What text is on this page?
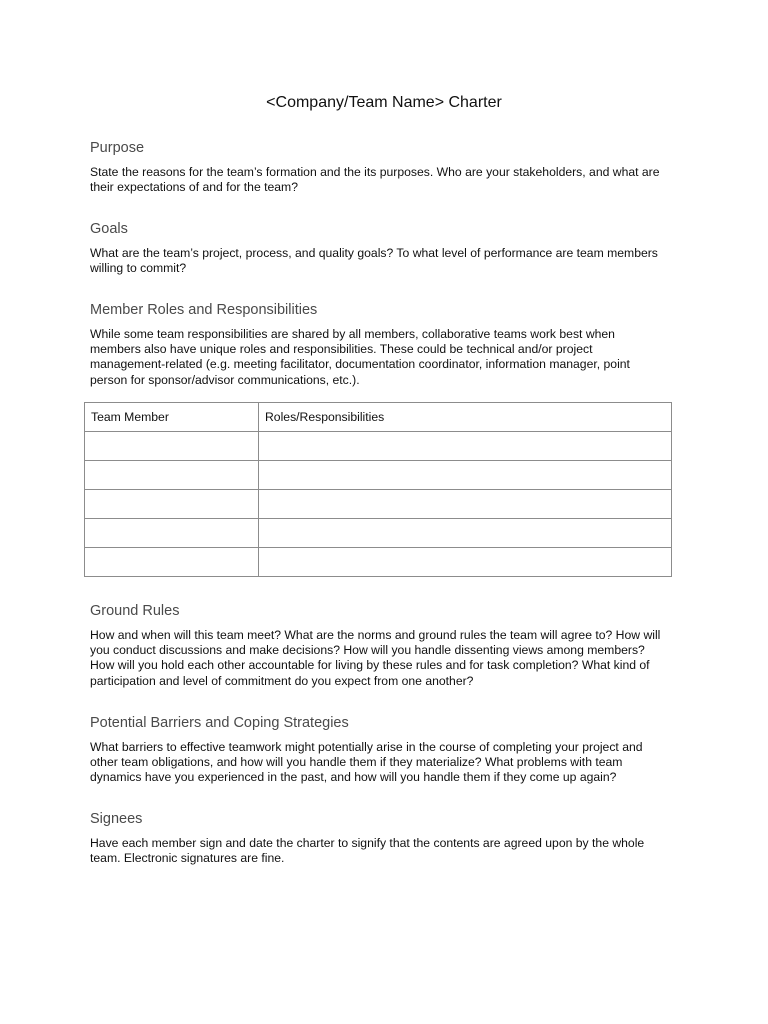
<Company/Team Name> Charter
Purpose
State the reasons for the team’s formation and the its purposes. Who are your stakeholders, and what are
their expectations of and for the team?
Goals
What are the team’s project, process, and quality goals? To what level of performance are team members
willing to commit?
Member Roles and Responsibilities
While some team responsibilities are shared by all members, collaborative teams work best when
members also have unique roles and responsibilities. These could be technical and/or project
management-related (e.g. meeting facilitator, documentation coordinator, information manager, point
person for sponsor/advisor communications, etc.).
Team Member	Roles/Responsibilities

Ground Rules
How and when will this team meet? What are the norms and ground rules the team will agree to? How will
you conduct discussions and make decisions? How will you handle dissenting views among members?
How will you hold each other accountable for living by these rules and for task completion? What kind of
participation and level of commitment do you expect from one another?
Potential Barriers and Coping Strategies
What barriers to effective teamwork might potentially arise in the course of completing your project and
other team obligations, and how will you handle them if they materialize? What problems with team
dynamics have you experienced in the past, and how will you handle them if they come up again?
Signees
Have each member sign and date the charter to signify that the contents are agreed upon by the whole
team. Electronic signatures are fine.
